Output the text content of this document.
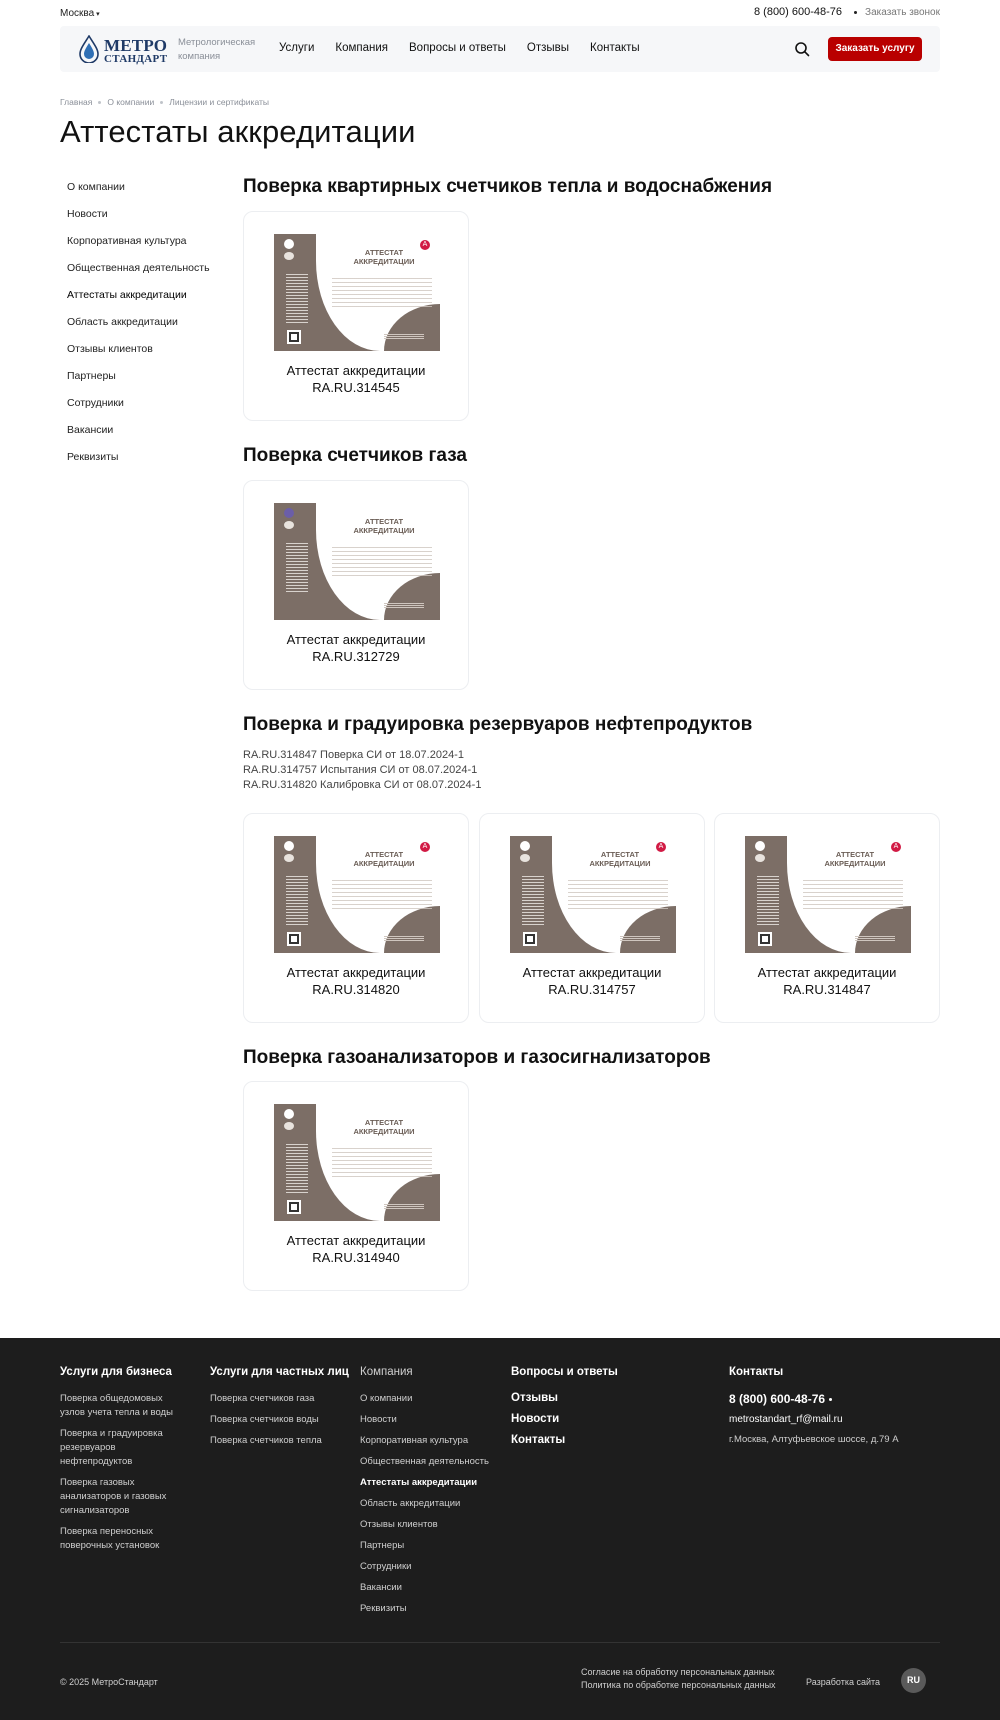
Москва ▾	8 (800) 600-48-76 Заказать звонок
МЕТРО
СТАНДАРТ
Метрологическая компания
Услуги Компания Вопросы и ответы Отзывы Контакты	Заказать услугу
Главная О компании Лицензии и сертификаты
Аттестаты аккредитации
О компании
Новости
Корпоративная культура
Общественная деятельность
Аттестаты аккредитации
Область аккредитации
Отзывы клиентов
Партнеры
Сотрудники
Вакансии
Реквизиты
Поверка квартирных счетчиков тепла и водоснабжения
A
АТТЕСТАТ АККРЕДИТАЦИИ
Аттестат аккредитации
RA.RU.314545
Поверка счетчиков газа
АТТЕСТАТ АККРЕДИТАЦИИ
Аттестат аккредитации
RA.RU.312729
Поверка и градуировка резервуаров нефтепродуктов
RA.RU.314847 Поверка СИ от 18.07.2024-1
RA.RU.314757 Испытания СИ от 08.07.2024-1
RA.RU.314820 Калибровка СИ от 08.07.2024-1
A
АТТЕСТАТ АККРЕДИТАЦИИ
Аттестат аккредитации
RA.RU.314820
A
АТТЕСТАТ АККРЕДИТАЦИИ
Аттестат аккредитации
RA.RU.314757
A
АТТЕСТАТ АККРЕДИТАЦИИ
Аттестат аккредитации
RA.RU.314847
Поверка газоанализаторов и газосигнализаторов
АТТЕСТАТ АККРЕДИТАЦИИ
Аттестат аккредитации
RA.RU.314940
Услуги для бизнеса
Поверка общедомовых узлов учета тепла и воды
Поверка и градуировка резервуаров нефтепродуктов
Поверка газовых анализаторов и газовых сигнализаторов
Поверка переносных поверочных установок
Услуги для частных лиц
Поверка счетчиков газа
Поверка счетчиков воды
Поверка счетчиков тепла
Компания
О компании
Новости
Корпоративная культура
Общественная деятельность
Аттестаты аккредитации
Область аккредитации
Отзывы клиентов
Партнеры
Сотрудники
Вакансии
Реквизиты
Вопросы и ответы
Отзывы
Новости
Контакты
Контакты
8 (800) 600-48-76
metrostandart_rf@mail.ru
г.Москва, Алтуфьевское шоссе, д.79 А
© 2025 МетроСтандарт
Согласие на обработку персональных данных
Политика по обработке персональных данных	Разработка сайта	RU
